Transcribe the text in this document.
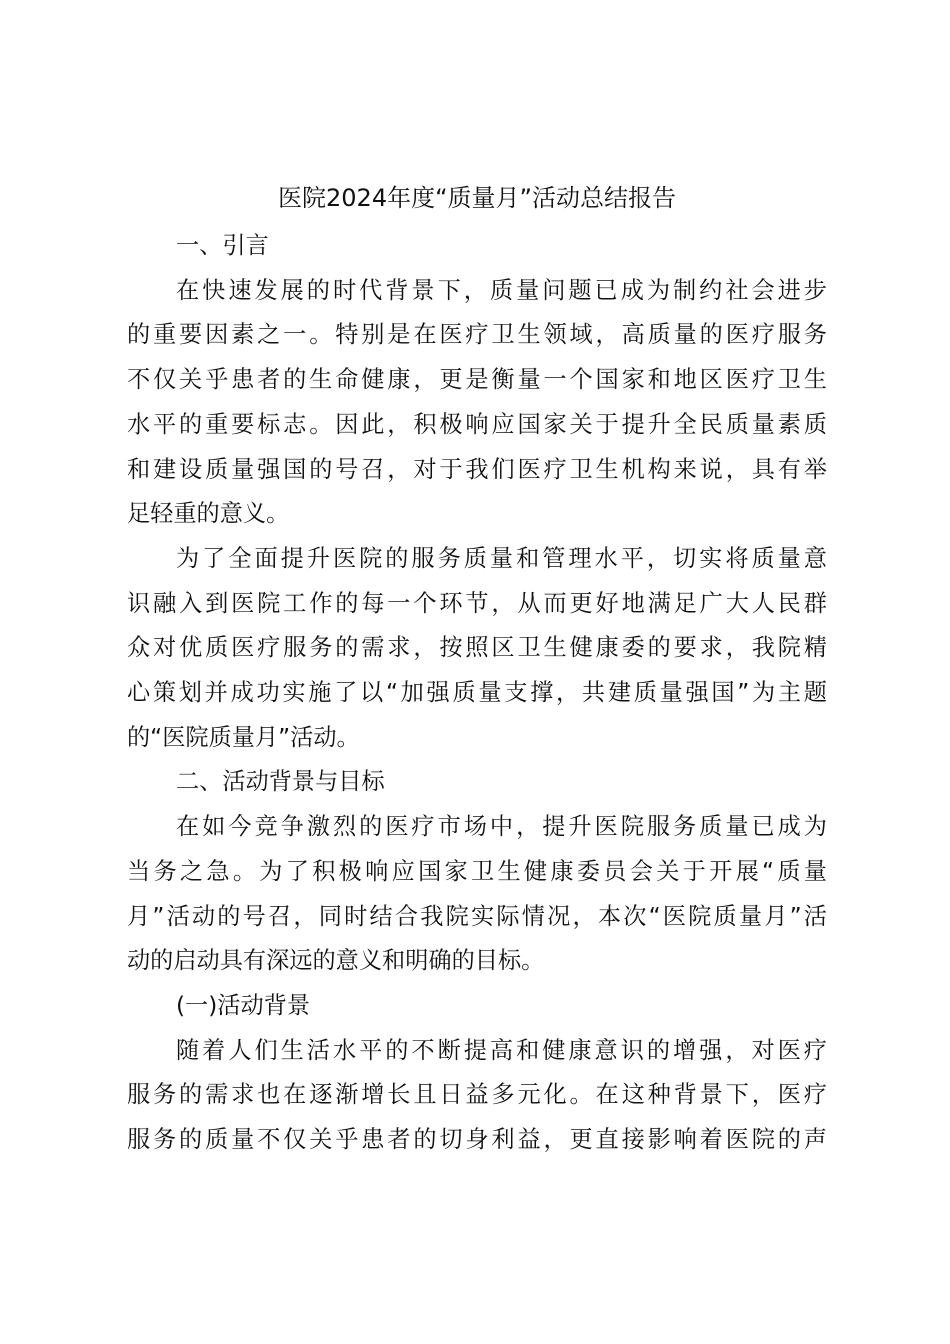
医院2024年度“质量月”活动总结报告

一、引言

在快速发展的时代背景下，质量问题已成为制约社会进步

的重要因素之一。特别是在医疗卫生领域，高质量的医疗服务

不仅关乎患者的生命健康，更是衡量一个国家和地区医疗卫生

水平的重要标志。因此，积极响应国家关于提升全民质量素质

和建设质量强国的号召，对于我们医疗卫生机构来说，具有举

足轻重的意义。

为了全面提升医院的服务质量和管理水平，切实将质量意

识融入到医院工作的每一个环节，从而更好地满足广大人民群

众对优质医疗服务的需求，按照区卫生健康委的要求，我院精

心策划并成功实施了以“加强质量支撑，共建质量强国”为主题

的“医院质量月”活动。

二、活动背景与目标

在如今竞争激烈的医疗市场中，提升医院服务质量已成为

当务之急。为了积极响应国家卫生健康委员会关于开展“质量

月”活动的号召，同时结合我院实际情况，本次“医院质量月”活

动的启动具有深远的意义和明确的目标。

(一)活动背景

随着人们生活水平的不断提高和健康意识的增强，对医疗

服务的需求也在逐渐增长且日益多元化。在这种背景下，医疗

服务的质量不仅关乎患者的切身利益，更直接影响着医院的声
